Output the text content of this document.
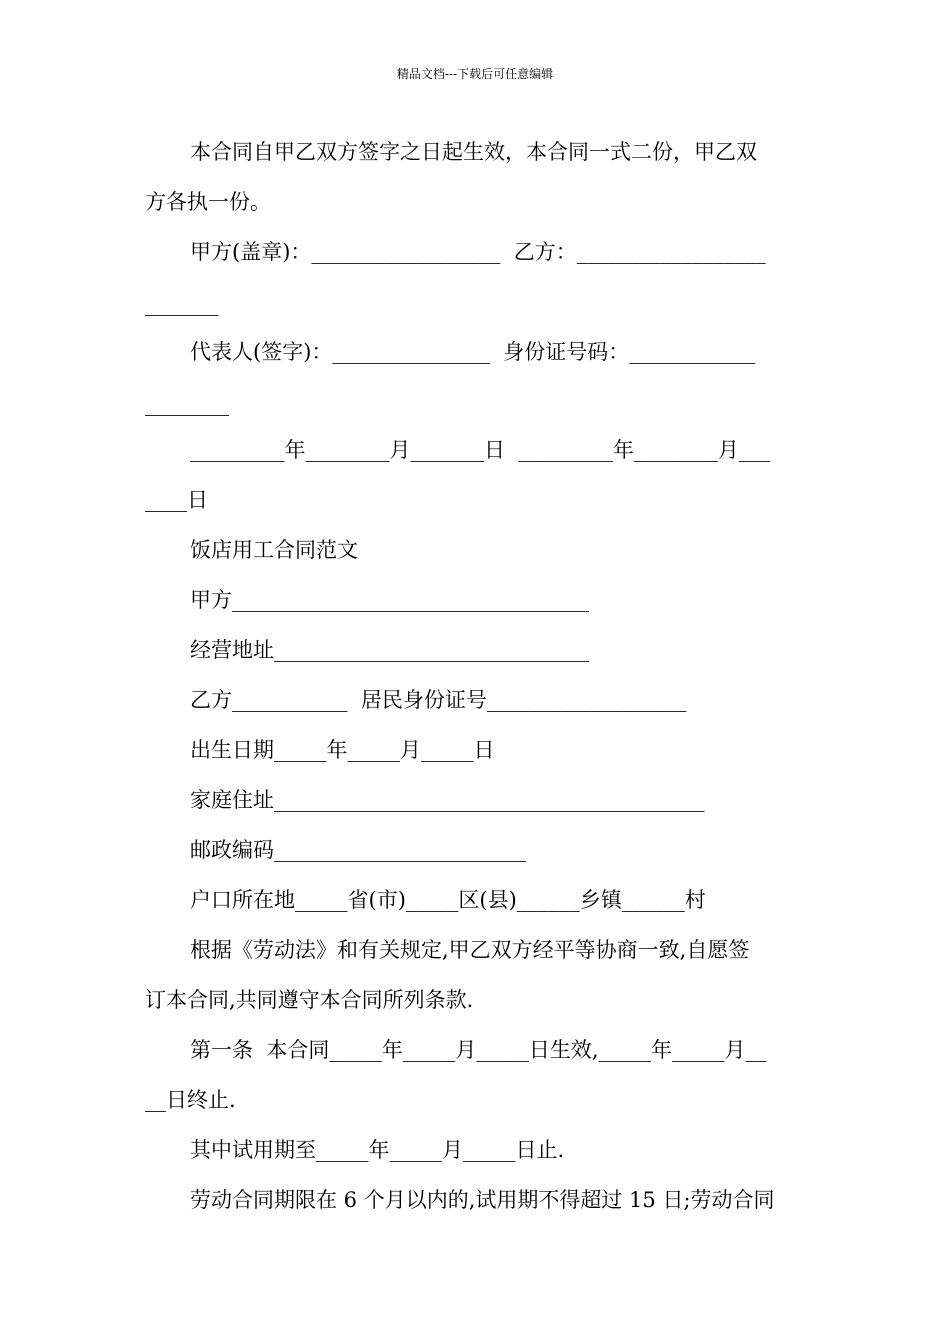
精品文档---下载后可任意编辑
本合同自甲乙双方签字之日起生效，本合同一式二份，甲乙双
方各执一份。
甲方(盖章)：__________________  乙方：__________________
_______
代表人(签字)：_______________  身份证号码：____________
________
_________年________月_______日  _________年________月___
____日
饭店用工合同范文
甲方__________________________________
经营地址______________________________
乙方___________  居民身份证号___________________
出生日期_____年_____月_____日
家庭住址_________________________________________
邮政编码________________________
户口所在地_____省(市)_____区(县)______乡镇______村
根据《劳动法》和有关规定,甲乙双方经平等协商一致,自愿签
订本合同,共同遵守本合同所列条款.
第一条  本合同_____年_____月_____日生效,_____年_____月__
__日终止.
其中试用期至_____年_____月_____日止.
劳动合同期限在 6 个月以内的,试用期不得超过 15 日;劳动合同
